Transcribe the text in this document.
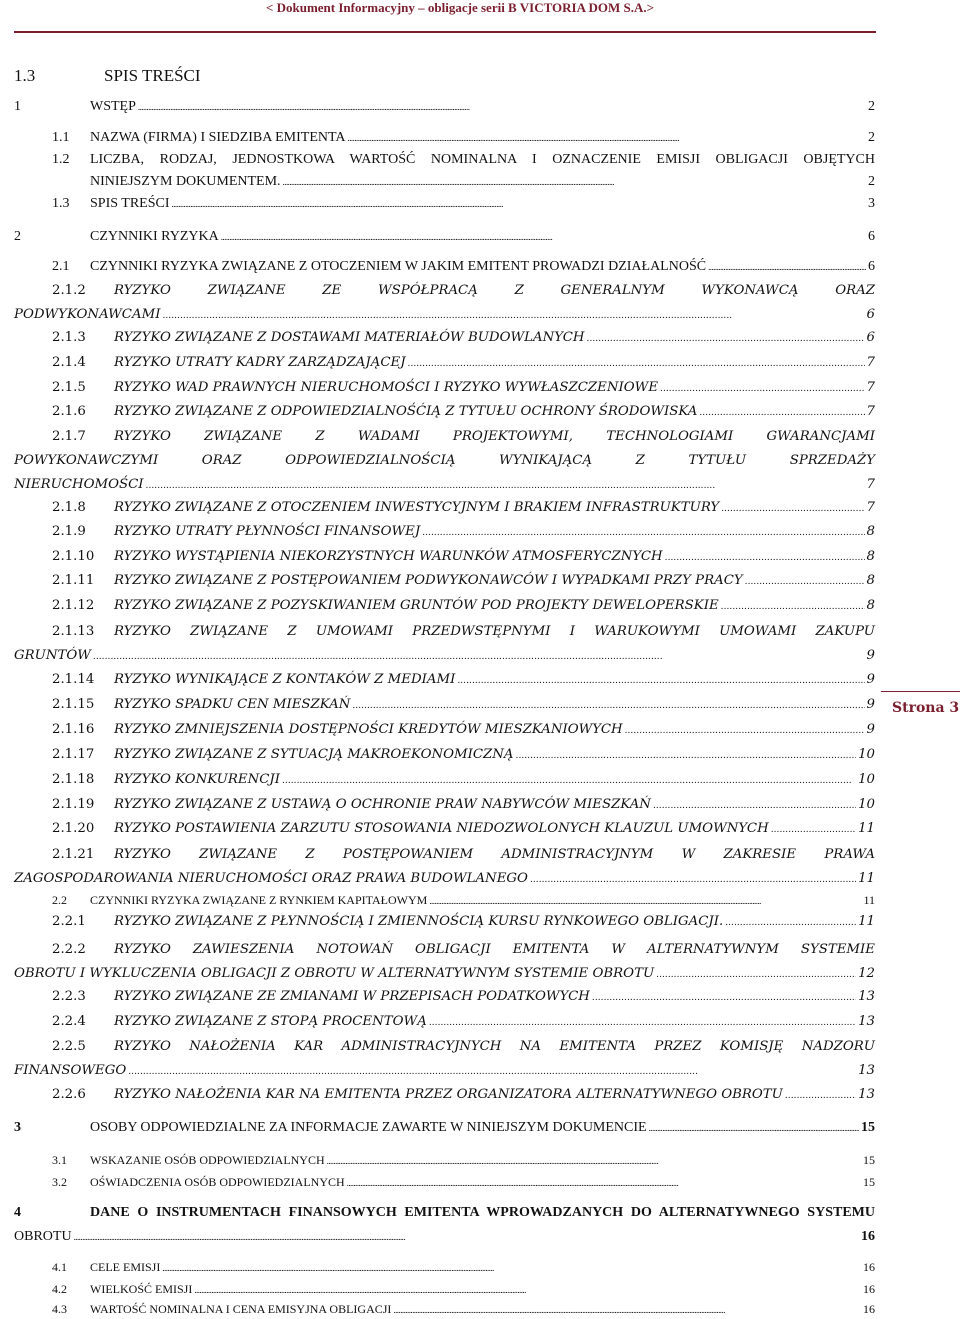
< Dokument Informacyjny – obligacje serii B VICTORIA DOM S.A.>
1.3	SPIS TREŚCI
Strona 3
1	WSTĘP . . .	2
1.1	NAZWA (FIRMA) I SIEDZIBA EMITENTA . . .	2
1.2	LICZBA, RODZAJ, JEDNOSTKOWA WARTOŚĆ NOMINALNA I OZNACZENIE EMISJI OBLIGACJI OBJĘTYCH
NINIEJSZYM DOKUMENTEM. . . .	2
1.3	SPIS TREŚCI . . .	3
2	CZYNNIKI RYZYKA . . .	6
2.1	CZYNNIKI RYZYKA ZWIĄZANE Z OTOCZENIEM W JAKIM EMITENT PROWADZI DZIAŁALNOŚĆ . . .	6
2.1.2	RYZYKO ZWIĄZANE ZE WSPÓŁPRACĄ Z GENERALNYM WYKONAWCĄ ORAZ
PODWYKONAWCAMI . . .	6
2.1.3	RYZYKO ZWIĄZANE Z DOSTAWAMI MATERIAŁÓW BUDOWLANYCH . . .	6
2.1.4	RYZYKO UTRATY KADRY ZARZĄDZAJĄCEJ . . .	7
2.1.5	RYZYKO WAD PRAWNYCH NIERUCHOMOŚCI I RYZYKO WYWŁASZCZENIOWE . . .	7
2.1.6	RYZYKO ZWIĄZANE Z ODPOWIEDZIALNOŚĆIĄ Z TYTUŁU OCHRONY ŚRODOWISKA . . .	7
2.1.7	RYZYKO ZWIĄZANE Z WADAMI PROJEKTOWYMI, TECHNOLOGIAMI GWARANCJAMI
POWYKONAWCZYMI ORAZ ODPOWIEDZIALNOŚCIĄ WYNIKAJĄCĄ Z TYTUŁU SPRZEDAŻY
NIERUCHOMOŚCI . . .	7
2.1.8	RYZYKO ZWIĄZANE Z OTOCZENIEM INWESTYCYJNYM I BRAKIEM INFRASTRUKTURY . . .	7
2.1.9	RYZYKO UTRATY PŁYNNOŚCI FINANSOWEJ . . .	8
2.1.10	RYZYKO WYSTĄPIENIA NIEKORZYSTNYCH WARUNKÓW ATMOSFERYCZNYCH . . .	8
2.1.11	RYZYKO ZWIĄZANE Z POSTĘPOWANIEM PODWYKONAWCÓW I WYPADKAMI PRZY PRACY . . .	8
2.1.12	RYZYKO ZWIĄZANE Z POZYSKIWANIEM GRUNTÓW POD PROJEKTY DEWELOPERSKIE . . .	8
2.1.13	RYZYKO ZWIĄZANE Z UMOWAMI PRZEDWSTĘPNYMI I WARUKOWYMI UMOWAMI ZAKUPU
GRUNTÓW . . .	9
2.1.14	RYZYKO WYNIKAJĄCE Z KONTAKÓW Z MEDIAMI . . .	9
2.1.15	RYZYKO SPADKU CEN MIESZKAŃ . . .	9
2.1.16	RYZYKO ZMNIEJSZENIA DOSTĘPNOŚCI KREDYTÓW MIESZKANIOWYCH . . .	9
2.1.17	RYZYKO ZWIĄZANE Z SYTUACJĄ MAKROEKONOMICZNĄ . . .	10
2.1.18	RYZYKO KONKURENCJI . . .	10
2.1.19	RYZYKO ZWIĄZANE Z USTAWĄ O OCHRONIE PRAW NABYWCÓW MIESZKAŃ . . .	10
2.1.20	RYZYKO POSTAWIENIA ZARZUTU STOSOWANIA NIEDOZWOLONYCH KLAUZUL UMOWNYCH . . .	11
2.1.21	RYZYKO ZWIĄZANE Z POSTĘPOWANIEM ADMINISTRACYJNYM W ZAKRESIE PRAWA
ZAGOSPODAROWANIA NIERUCHOMOŚCI ORAZ PRAWA BUDOWLANEGO . . .	11
2.2	CZYNNIKI RYZYKA ZWIĄZANE Z RYNKIEM KAPITAŁOWYM . . .	11
2.2.1	RYZYKO ZWIĄZANE Z PŁYNNOŚCIĄ I ZMIENNOŚCIĄ KURSU RYNKOWEGO OBLIGACJI. . . .	11
2.2.2	RYZYKO ZAWIESZENIA NOTOWAŃ OBLIGACJI EMITENTA W ALTERNATYWNYM SYSTEMIE
OBROTU I WYKLUCZENIA OBLIGACJI Z OBROTU W ALTERNATYWNYM SYSTEMIE OBROTU . . .	12
2.2.3	RYZYKO ZWIĄZANE ZE ZMIANAMI W PRZEPISACH PODATKOWYCH . . .	13
2.2.4	RYZYKO ZWIĄZANE Z STOPĄ PROCENTOWĄ . . .	13
2.2.5	RYZYKO NAŁOŻENIA KAR ADMINISTRACYJNYCH NA EMITENTA PRZEZ KOMISJĘ NADZORU
FINANSOWEGO . . .	13
2.2.6	RYZYKO NAŁOŻENIA KAR NA EMITENTA PRZEZ ORGANIZATORA ALTERNATYWNEGO OBROTU . . .	13
3	OSOBY ODPOWIEDZIALNE ZA INFORMACJE ZAWARTE W NINIEJSZYM DOKUMENCIE . . .	15
3.1	WSKAZANIE OSÓB ODPOWIEDZIALNYCH . . .	15
3.2	OŚWIADCZENIA OSÓB ODPOWIEDZIALNYCH . . .	15
4	DANE O INSTRUMENTACH FINANSOWYCH EMITENTA WPROWADZANYCH DO ALTERNATYWNEGO SYSTEMU
OBROTU . . .	16
4.1	CELE EMISJI . . .	16
4.2	WIELKOŚĆ EMISJI . . .	16
4.3	WARTOŚĆ NOMINALNA I CENA EMISYJNA OBLIGACJI . . .	16
